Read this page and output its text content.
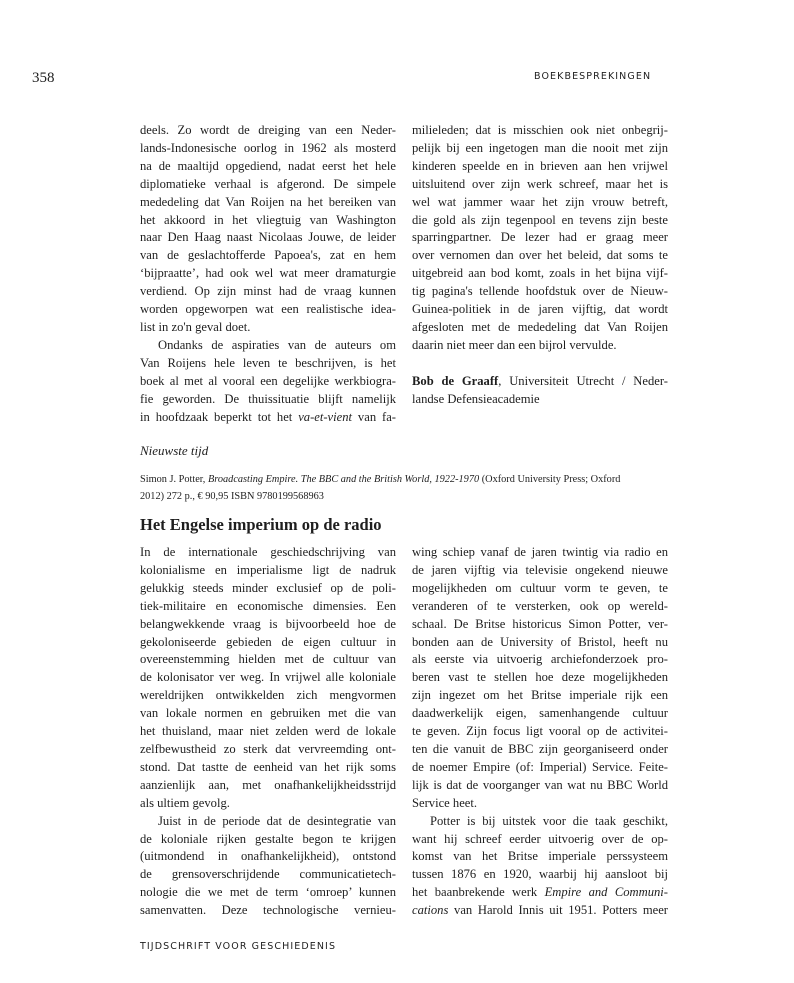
358	BOEKBESPREKINGEN
deels. Zo wordt de dreiging van een Neder-
lands-Indonesische oorlog in 1962 als mosterd
na de maaltijd opgediend, nadat eerst het hele
diplomatieke verhaal is afgerond. De simpele
mededeling dat Van Roijen na het bereiken van
het akkoord in het vliegtuig van Washington
naar Den Haag naast Nicolaas Jouwe, de leider
van de geslachtofferde Papoea's, zat en hem
‘bijpraatte’, had ook wel wat meer dramaturgie
verdiend. Op zijn minst had de vraag kunnen
worden opgeworpen wat een realistische idea-
list in zo'n geval doet.
Ondanks de aspiraties van de auteurs om
Van Roijens hele leven te beschrijven, is het
boek al met al vooral een degelijke werkbiogra-
fie geworden. De thuissituatie blijft namelijk
in hoofdzaak beperkt tot het va-et-vient van fa-
milieleden; dat is misschien ook niet onbegrij-
pelijk bij een ingetogen man die nooit met zijn
kinderen speelde en in brieven aan hen vrijwel
uitsluitend over zijn werk schreef, maar het is
wel wat jammer waar het zijn vrouw betreft,
die gold als zijn tegenpool en tevens zijn beste
sparringpartner. De lezer had er graag meer
over vernomen dan over het beleid, dat soms te
uitgebreid aan bod komt, zoals in het bijna vijf-
tig pagina's tellende hoofdstuk over de Nieuw-
Guinea-politiek in de jaren vijftig, dat wordt
afgesloten met de mededeling dat Van Roijen
daarin niet meer dan een bijrol vervulde.
Bob de Graaff, Universiteit Utrecht / Neder-
landse Defensieacademie
Nieuwste tijd
Simon J. Potter, Broadcasting Empire. The BBC and the British World, 1922-1970 (Oxford University Press; Oxford
2012) 272 p., € 90,95 ISBN 9780199568963
Het Engelse imperium op de radio
In de internationale geschiedschrijving van
kolonialisme en imperialisme ligt de nadruk
gelukkig steeds minder exclusief op de poli-
tiek-militaire en economische dimensies. Een
belangwekkende vraag is bijvoorbeeld hoe de
gekoloniseerde gebieden de eigen cultuur in
overeenstemming hielden met de cultuur van
de kolonisator ver weg. In vrijwel alle koloniale
wereldrijken ontwikkelden zich mengvormen
van lokale normen en gebruiken met die van
het thuisland, maar niet zelden werd de lokale
zelfbewustheid zo sterk dat vervreemding ont-
stond. Dat tastte de eenheid van het rijk soms
aanzienlijk aan, met onafhankelijkheidsstrijd
als ultiem gevolg.
Juist in de periode dat de desintegratie van
de koloniale rijken gestalte begon te krijgen
(uitmondend in onafhankelijkheid), ontstond
de grensoverschrijdende communicatietech-
nologie die we met de term ‘omroep’ kunnen
samenvatten. Deze technologische vernieu-
wing schiep vanaf de jaren twintig via radio en
de jaren vijftig via televisie ongekend nieuwe
mogelijkheden om cultuur vorm te geven, te
veranderen of te versterken, ook op wereld-
schaal. De Britse historicus Simon Potter, ver-
bonden aan de University of Bristol, heeft nu
als eerste via uitvoerig archiefonderzoek pro-
beren vast te stellen hoe deze mogelijkheden
zijn ingezet om het Britse imperiale rijk een
daadwerkelijk eigen, samenhangende cultuur
te geven. Zijn focus ligt vooral op de activitei-
ten die vanuit de BBC zijn georganiseerd onder
de noemer Empire (of: Imperial) Service. Feite-
lijk is dat de voorganger van wat nu BBC World
Service heet.
Potter is bij uitstek voor die taak geschikt,
want hij schreef eerder uitvoerig over de op-
komst van het Britse imperiale perssysteem
tussen 1876 en 1920, waarbij hij aansloot bij
het baanbrekende werk Empire and Communi-
cations van Harold Innis uit 1951. Potters meer
TIJDSCHRIFT VOOR GESCHIEDENIS
